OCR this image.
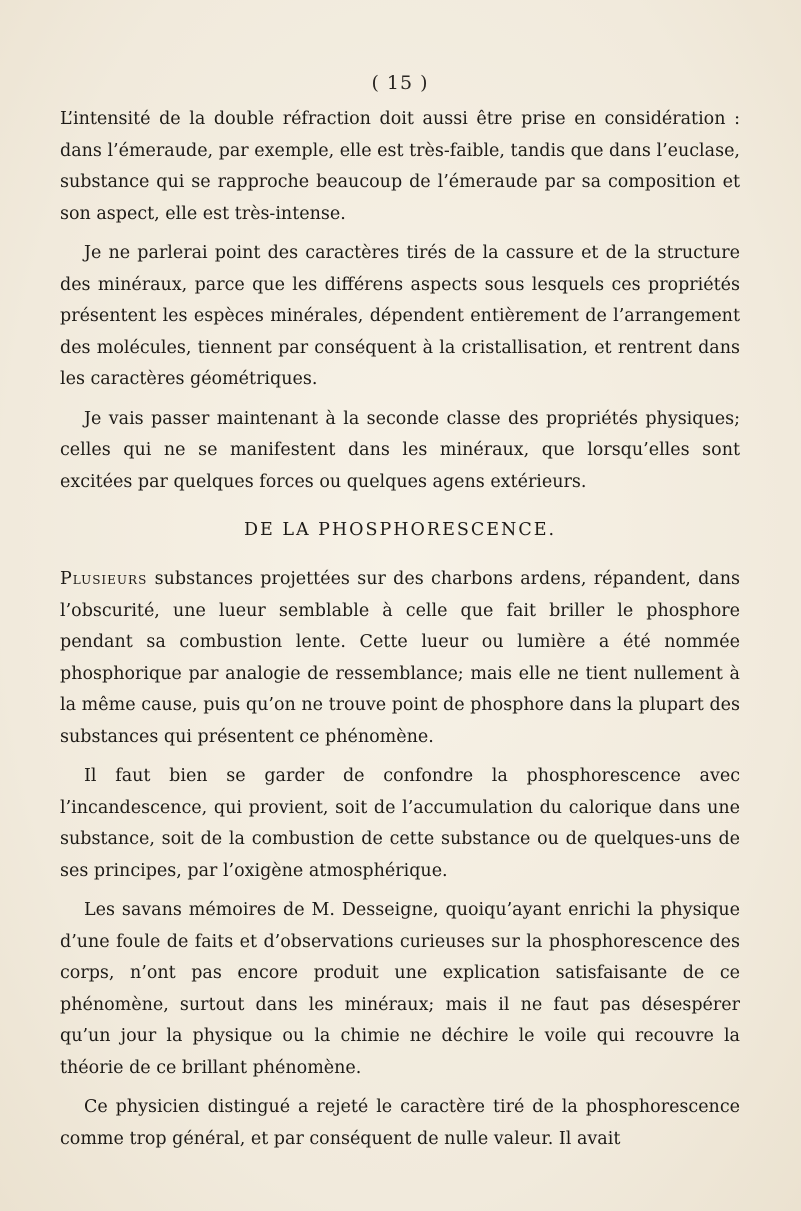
( 15 )

L’intensité de la double réfraction doit aussi être prise en considération : dans l’émeraude, par exemple, elle est très-faible, tandis que dans l’euclase, substance qui se rapproche beaucoup de l’émeraude par sa composition et son aspect, elle est très-intense.

Je ne parlerai point des caractères tirés de la cassure et de la structure des minéraux, parce que les différens aspects sous lesquels ces propriétés présentent les espèces minérales, dépendent entièrement de l’arrangement des molécules, tiennent par conséquent à la cristallisation, et rentrent dans les caractères géométriques.

Je vais passer maintenant à la seconde classe des propriétés physiques; celles qui ne se manifestent dans les minéraux, que lorsqu’elles sont excitées par quelques forces ou quelques agens extérieurs.

DE LA PHOSPHORESCENCE.

Plusieurs substances projettées sur des charbons ardens, répandent, dans l’obscurité, une lueur semblable à celle que fait briller le phosphore pendant sa combustion lente. Cette lueur ou lumière a été nommée phosphorique par analogie de ressemblance; mais elle ne tient nullement à la même cause, puis qu’on ne trouve point de phosphore dans la plupart des substances qui présentent ce phénomène.

Il faut bien se garder de confondre la phosphorescence avec l’incandescence, qui provient, soit de l’accumulation du calorique dans une substance, soit de la combustion de cette substance ou de quelques-uns de ses principes, par l’oxigène atmosphérique.

Les savans mémoires de M. Desseigne, quoiqu’ayant enrichi la physique d’une foule de faits et d’observations curieuses sur la phosphorescence des corps, n’ont pas encore produit une explication satisfaisante de ce phénomène, surtout dans les minéraux; mais il ne faut pas désespérer qu’un jour la physique ou la chimie ne déchire le voile qui recouvre la théorie de ce brillant phénomène.

Ce physicien distingué a rejeté le caractère tiré de la phosphorescence comme trop général, et par conséquent de nulle valeur. Il avait
